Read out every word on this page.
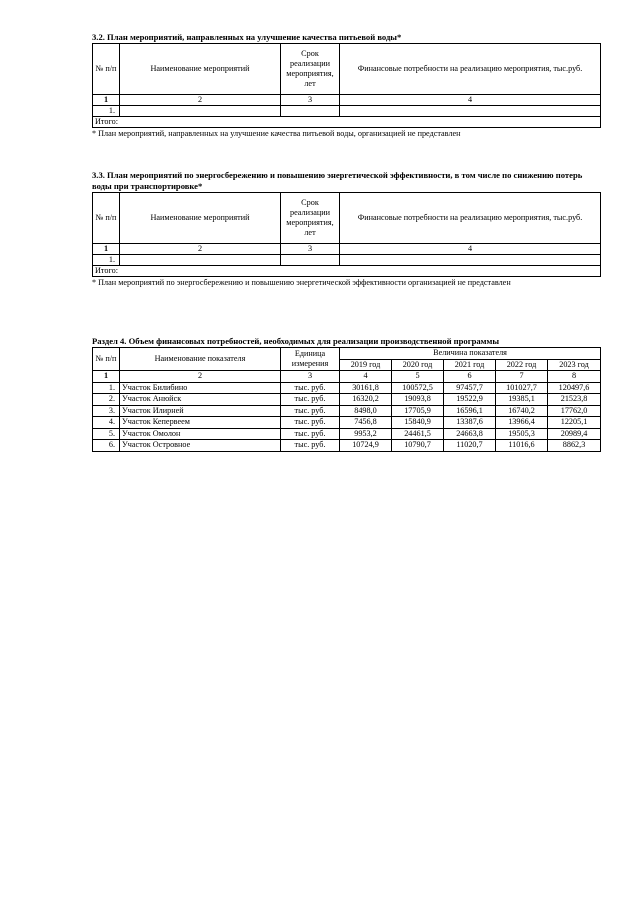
3.2. План мероприятий, направленных на улучшение качества питьевой воды*

№ п/п	Наименование мероприятий	Срок реализации мероприятия, лет	Финансовые потребности на реализацию мероприятия, тыс.руб.
1	2	3	4
1.			
Итого:			

* План мероприятий, направленных на улучшение качества питьевой воды, организацией не представлен

3.3. План мероприятий по энергосбережению и повышению энергетической эффективности, в том числе по снижению потерь воды при транспортировке*

№ п/п	Наименование мероприятий	Срок реализации мероприятия, лет	Финансовые потребности на реализацию мероприятия, тыс.руб.
1	2	3	4
1.			
Итого:			

* План мероприятий по энергосбережению и повышению энергетической эффективности организацией не представлен

Раздел 4. Объем финансовых потребностей, необходимых для реализации производственной программы

№ п/п	Наименование показателя	Единица измерения	Величина показателя				
			2019 год	2020 год	2021 год	2022 год	2023 год
1	2	3	4	5	6	7	8
1.	Участок Билибино	тыс. руб.	30161,8	100572,5	97457,7	101027,7	120497,6
2.	Участок Анюйск	тыс. руб.	16320,2	19093,8	19522,9	19385,1	21523,8
3.	Участок Илирней	тыс. руб.	8498,0	17705,9	16596,1	16740,2	17762,0
4.	Участок Кепервеем	тыс. руб.	7456,8	15840,9	13387,6	13966,4	12205,1
5.	Участок Омолон	тыс. руб.	9953,2	24461,5	24663,8	19505,3	20989,4
6.	Участок Островное	тыс. руб.	10724,9	10790,7	11020,7	11016,6	8862,3
